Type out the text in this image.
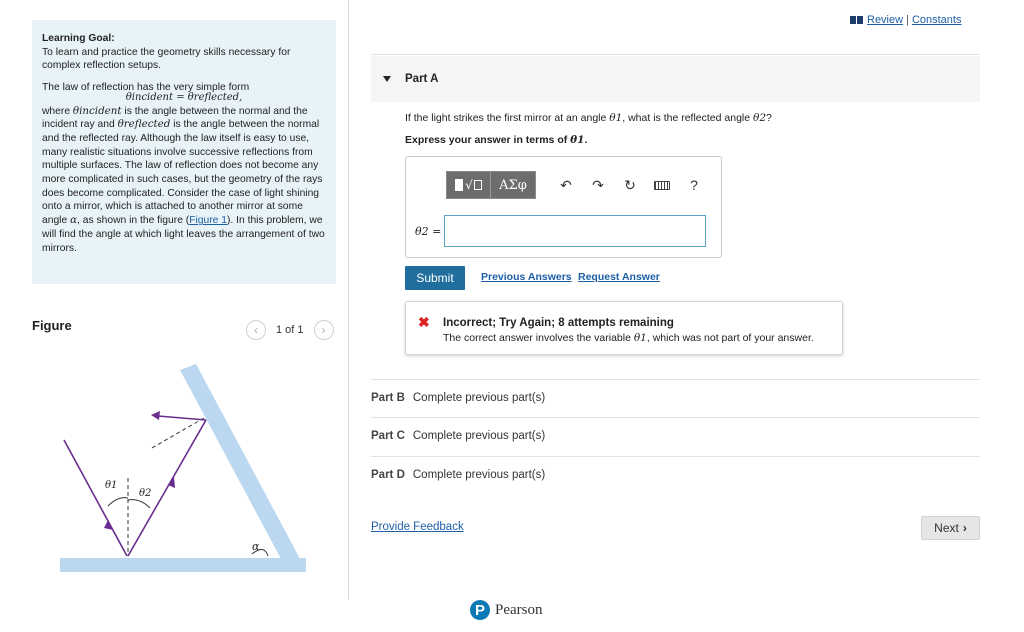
Learning Goal:

To learn and practice the geometry skills necessary for complex reflection setups.

The law of reflection has the very simple form
θincident = θreflected,
where θincident is the angle between the normal and the incident ray and θreflected is the angle between the normal and the reflected ray. Although the law itself is easy to use, many realistic situations involve successive reflections from multiple surfaces. The law of reflection does not become any more complicated in such cases, but the geometry of the rays does become complicated. Consider the case of light shining onto a mirror, which is attached to another mirror at some angle α, as shown in the figure (Figure 1). In this problem, we will find the angle at which light leaves the arrangement of two mirrors.
Figure	‹ 1 of 1 ›
θ1
θ2
α
Review | Constants
Part A
If the light strikes the first mirror at an angle θ1, what is the reflected angle θ2?
Express your answer in terms of θ1.
√	ΑΣφ	↶	↷	↻	?
θ2 =
Submit	Previous Answers Request Answer
✖ Incorrect; Try Again; 8 attempts remaining
The correct answer involves the variable θ1, which was not part of your answer.
Part B Complete previous part(s)
Part C Complete previous part(s)
Part D Complete previous part(s)
Provide Feedback	Next ›
P Pearson
